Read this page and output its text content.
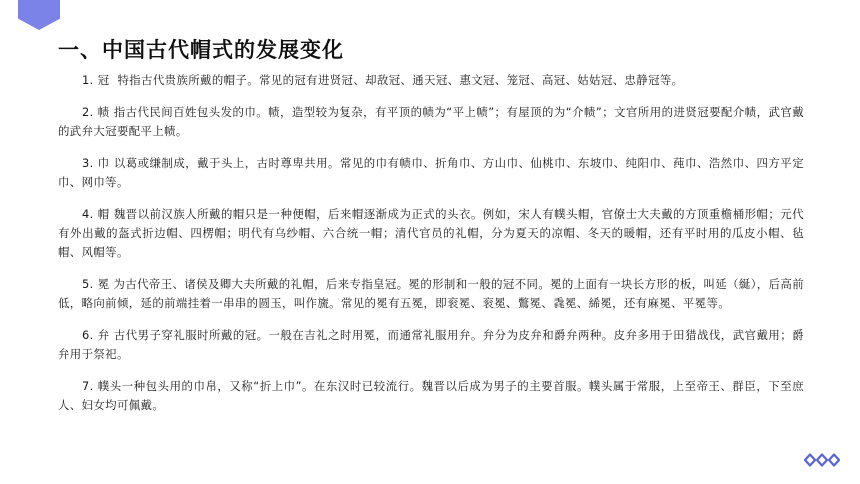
一、中国古代帽式的发展变化

1. 冠  特指古代贵族所戴的帽子。常见的冠有进贤冠、却敌冠、通天冠、惠文冠、笼冠、高冠、姑姑冠、忠静冠等。

2. 帻 指古代民间百姓包头发的巾。帻，造型较为复杂，有平顶的帻为“平上帻”；有屋顶的为“介帻”；文官所用的进贤冠要配介帻，武官戴的武弁大冠要配平上帻。

3. 巾 以葛或缣制成，戴于头上，古时尊卑共用。常见的巾有帻巾、折角巾、方山巾、仙桃巾、东坡巾、纯阳巾、莼巾、浩然巾、四方平定巾、网巾等。

4. 帽 魏晋以前汉族人所戴的帽只是一种便帽，后来帽逐渐成为正式的头衣。例如，宋人有幞头帽，官僚士大夫戴的方顶重檐桶形帽；元代有外出戴的盔式折边帽、四楞帽；明代有乌纱帽、六合统一帽；清代官员的礼帽，分为夏天的凉帽、冬天的暖帽，还有平时用的瓜皮小帽、毡帽、风帽等。

5. 冕 为古代帝王、诸侯及卿大夫所戴的礼帽，后来专指皇冠。冕的形制和一般的冠不同。冕的上面有一块长方形的板，叫延（綖），后高前低，略向前倾，延的前端挂着一串串的圆玉，叫作旒。常见的冕有五冕，即衮冕、衮冕、鷩冕、毳冕、絺冕，还有麻冕、平冕等。

6. 弁 古代男子穿礼服时所戴的冠。一般在吉礼之时用冕，而通常礼服用弁。弁分为皮弁和爵弁两种。皮弁多用于田猎战伐，武官戴用；爵弁用于祭祀。

7. 幞头一种包头用的巾帛，又称“折上巾”。在东汉时已较流行。魏晋以后成为男子的主要首服。幞头属于常服，上至帝王、群臣，下至庶人、妇女均可佩戴。
